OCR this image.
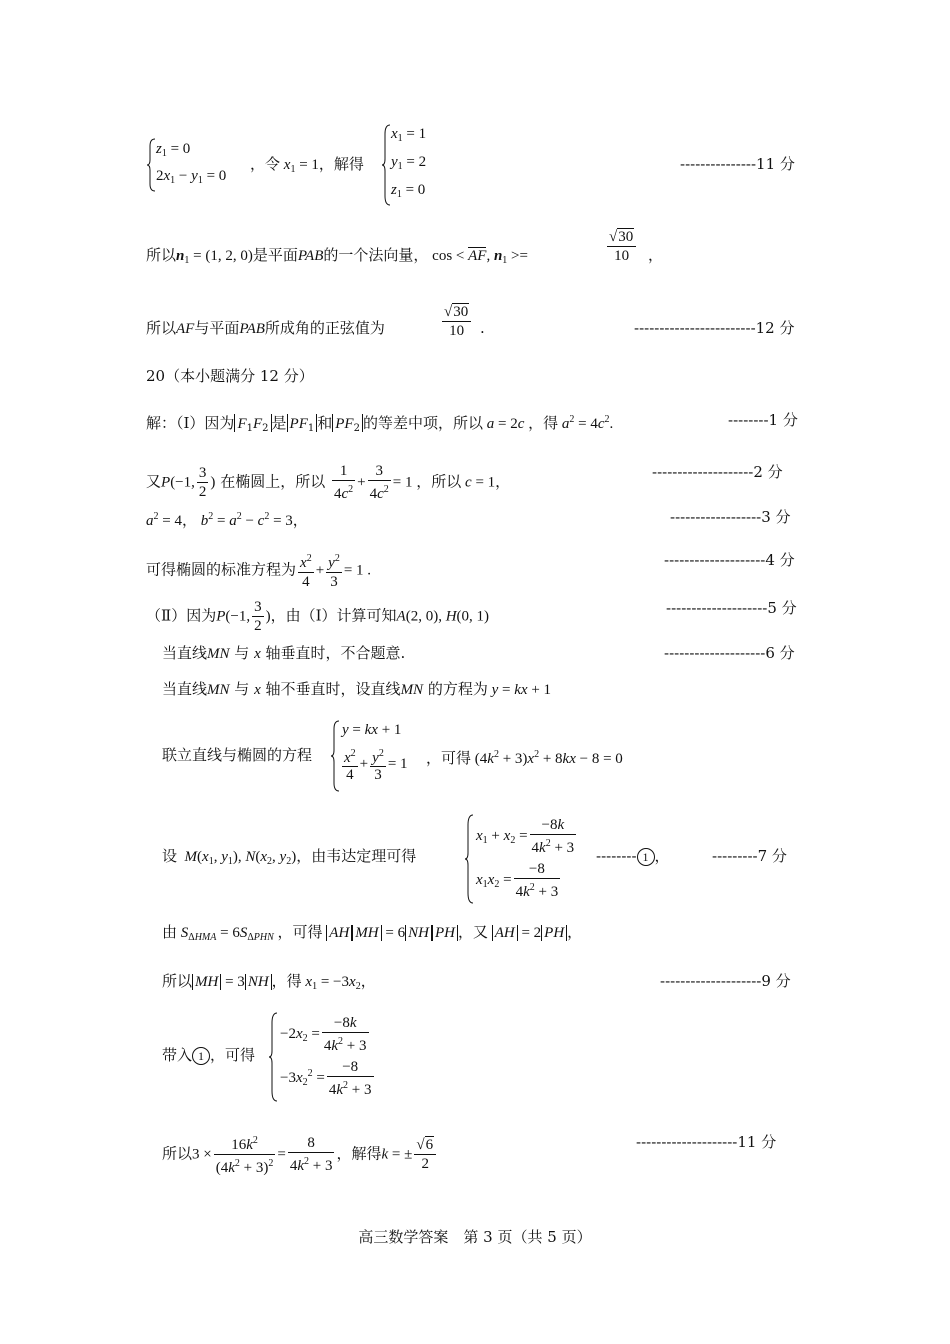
$z_1 = 0$
$2x_1 - y_1 = 0$
，令 $x_1 = 1$，解得
$x_1 = 1$
$y_1 = 2$
$z_1 = 0$
---------------11 分
所以$n_1 = (1$, 2, 0)是平面PAB的一个法向量， cos < AF, $n_1$ >=
√30
10	，
所以AF与平面PAB所成角的正弦值为
√30
10	.	------------------------12 分
20（本小题满分 12 分）
解：（Ⅰ）因为 $F_1F_2$ 是 $PF_1$ 和 $PF_2$ 的等差中项，所以 a = 2c ，得 $a^2 = 4c^2$.	--------1 分
又P(−1, $\frac{3}{2}$ ) 在椭圆上，所以 $\frac{1}{4c^2} + \frac{3}{4c^2} = 1$ ，所以 c = 1，
--------------------2 分
$a^2 = 4$， $b^2 = a^2 - c^2 = 3$，	------------------3 分
可得椭圆的标准方程为 $\frac{x^2}{4} + \frac{y^2}{3} = 1$ .
--------------------4 分
（Ⅱ）因为P(−1, $\frac{3}{2}$ )，由（Ⅰ）计算可知A(2, 0), H(0, 1)	--------------------5 分
当直线MN 与 x 轴垂直时，不合题意.	--------------------6 分
当直线MN 与 x 轴不垂直时，设直线MN 的方程为 y = kx + 1
联立直线与椭圆的方程
y = kx + 1
$\frac{x^2}{4} + \frac{y^2}{3} = 1$ ，可得 $(4k^2 + 3)x^2 + 8kx - 8 = 0$
设 $M(x_1$, $y_1$), $N(x_2$, $y_2$)，由韦达定理可得
$x_1 + x_2 = \frac{-8k}{4k^2 + 3}$
$x_1x_2 = \frac{-8}{4k^2 + 3}$
-------- 1 ，	---------7 分
由 $S_{\Delta HMA} = 6S_{\Delta PHN}$ ，可得 AH MH = 6 NH PH ，又 AH = 2 PH ，
所以 MH = 3 NH ，得 $x_1 = -3x_2$，	--------------------9 分
带入 1 ，可得
$-2x_2 = \frac{-8k}{4k^2 + 3}$
$-3x_2^2 = \frac{-8}{4k^2 + 3}$
所以$3 \times \frac{16k^2}{(4k^2 + 3)^2} = \frac{8}{4k^2 + 3}$ ，解得k = ± $\frac{√6}{2}$	--------------------11 分
高三数学答案　第 3 页（共 5 页）
